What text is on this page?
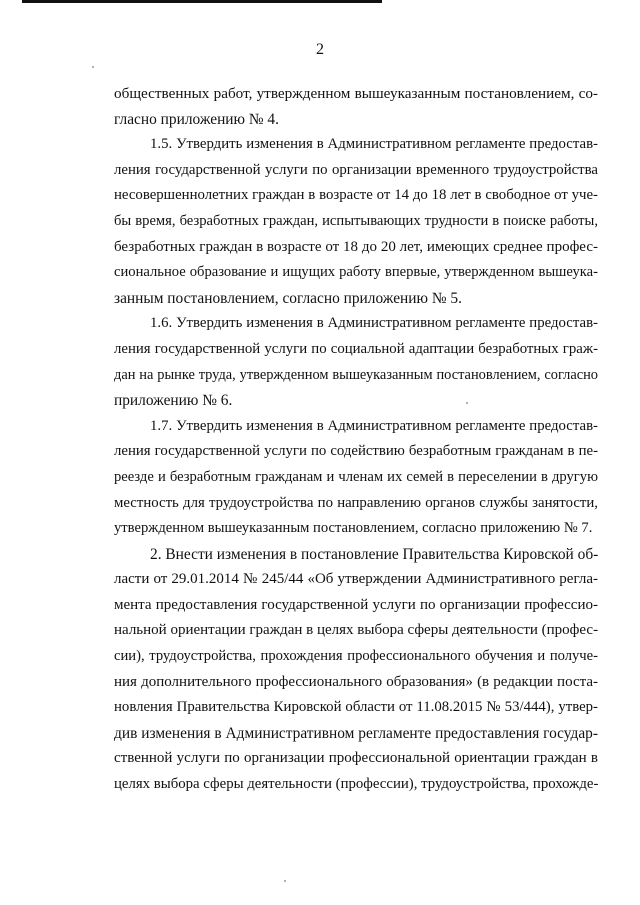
2
общественных работ, утвержденном вышеуказанным постановлением, со-
гласно приложению № 4.
1.5. Утвердить изменения в Административном регламенте предостав-
ления государственной услуги по организации временного трудоустройства
несовершеннолетних граждан в возрасте от 14 до 18 лет в свободное от уче-
бы время, безработных граждан, испытывающих трудности в поиске работы,
безработных граждан в возрасте от 18 до 20 лет, имеющих среднее профес-
сиональное образование и ищущих работу впервые, утвержденном вышеука-
занным постановлением, согласно приложению № 5.
1.6. Утвердить изменения в Административном регламенте предостав-
ления государственной услуги по социальной адаптации безработных граж-
дан на рынке труда, утвержденном вышеуказанным постановлением, согласно
приложению № 6.
1.7. Утвердить изменения в Административном регламенте предостав-
ления государственной услуги по содействию безработным гражданам в пе-
реезде и безработным гражданам и членам их семей в переселении в другую
местность для трудоустройства по направлению органов службы занятости,
утвержденном вышеуказанным постановлением, согласно приложению № 7.
2. Внести изменения в постановление Правительства Кировской об-
ласти от 29.01.2014 № 245/44 «Об утверждении Административного регла-
мента предоставления государственной услуги по организации профессио-
нальной ориентации граждан в целях выбора сферы деятельности (профес-
сии), трудоустройства, прохождения профессионального обучения и получе-
ния дополнительного профессионального образования» (в редакции поста-
новления Правительства Кировской области от 11.08.2015 № 53/444), утвер-
див изменения в Административном регламенте предоставления государ-
ственной услуги по организации профессиональной ориентации граждан в
целях выбора сферы деятельности (профессии), трудоустройства, прохожде-
